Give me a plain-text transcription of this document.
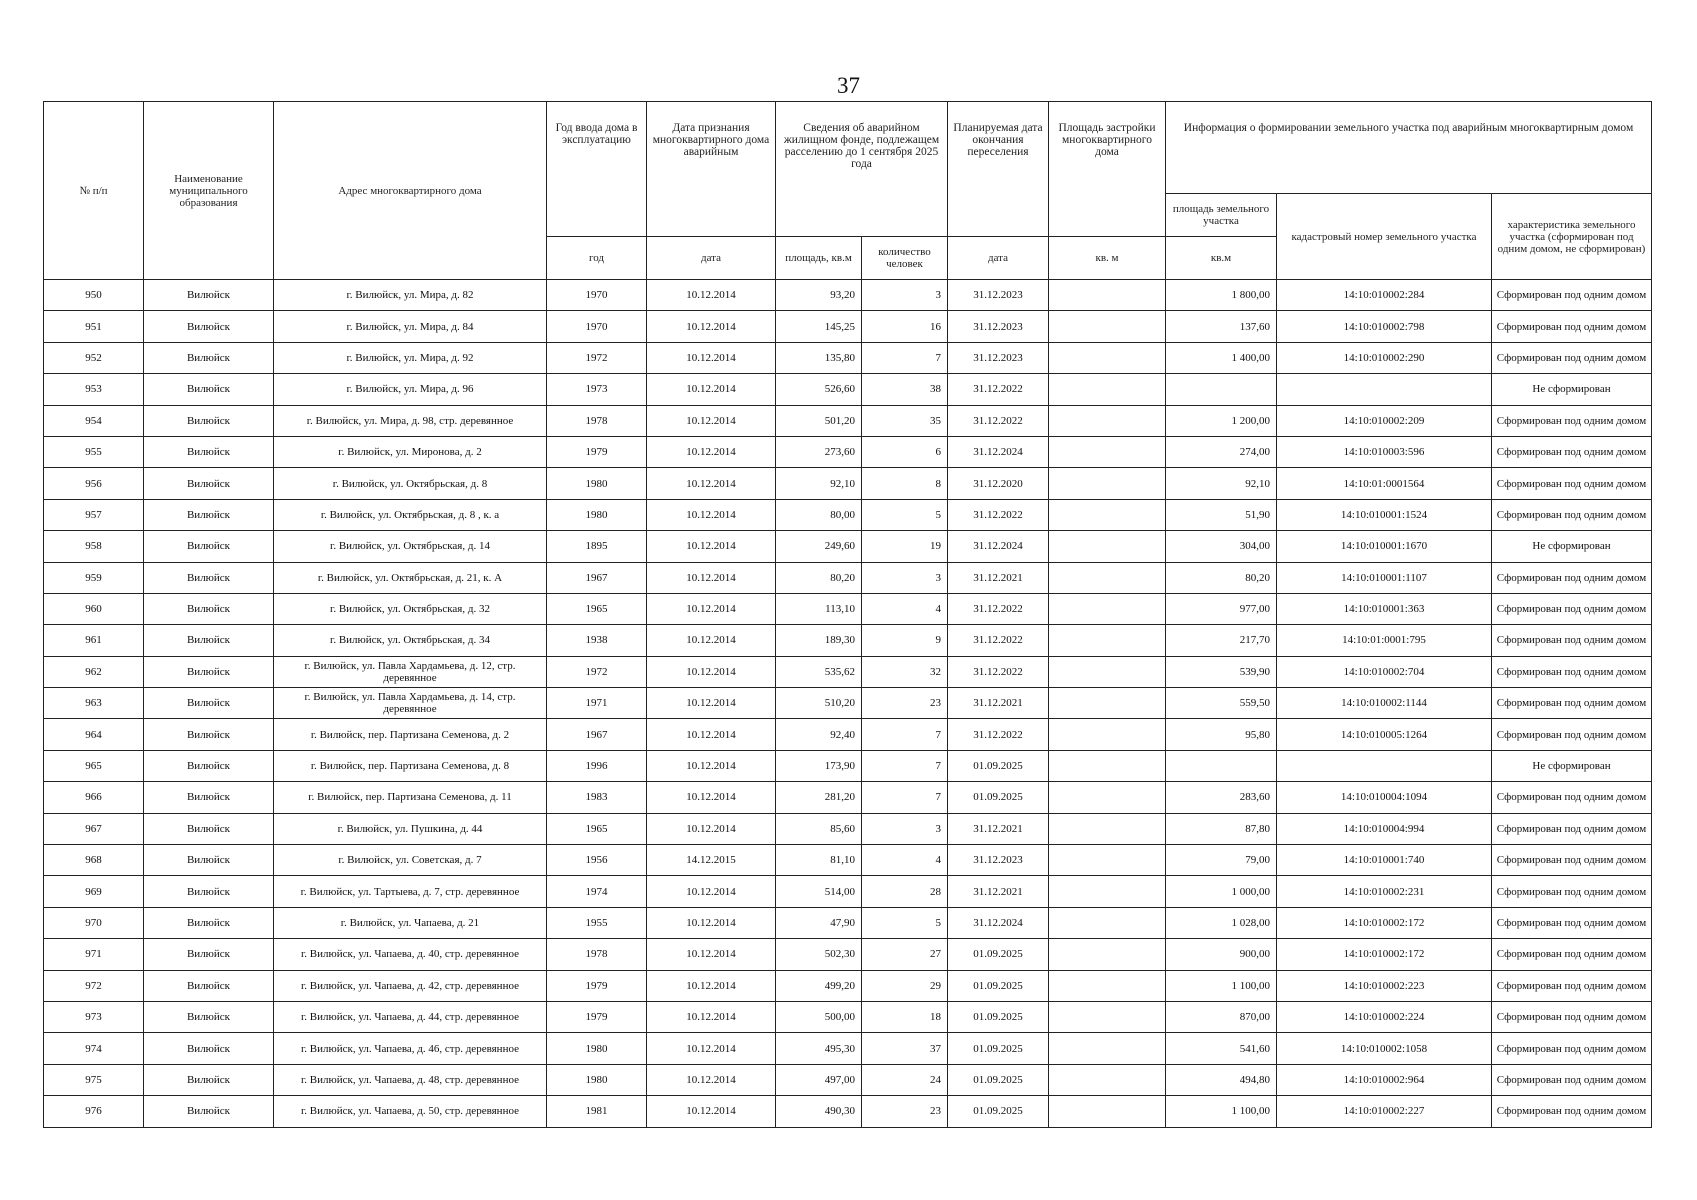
37
№ п/п	Наименование муниципального образования	Адрес многоквартирного дома	Год ввода дома в эксплуатацию	Дата признания многоквартирного дома аварийным	Сведения об аварийном жилищном фонде, подлежащем расселению до 1 сентября 2025 года		Планируемая дата окончания переселения	Площадь застройки многоквартирного дома	Информация о формировании земельного участка под аварийным многоквартирным домом		
									площадь земельного участка	кадастровый номер земельного участка	характеристика земельного участка (сформирован под одним домом, не сформирован)
			год	дата	площадь, кв.м	количество человек	дата	кв. м	кв.м		
950	Вилюйск	г. Вилюйск, ул. Мира, д. 82	1970	10.12.2014	93,20	3	31.12.2023		1 800,00	14:10:010002:284	Сформирован под одним домом
951	Вилюйск	г. Вилюйск, ул. Мира, д. 84	1970	10.12.2014	145,25	16	31.12.2023		137,60	14:10:010002:798	Сформирован под одним домом
952	Вилюйск	г. Вилюйск, ул. Мира, д. 92	1972	10.12.2014	135,80	7	31.12.2023		1 400,00	14:10:010002:290	Сформирован под одним домом
953	Вилюйск	г. Вилюйск, ул. Мира, д. 96	1973	10.12.2014	526,60	38	31.12.2022				Не сформирован
954	Вилюйск	г. Вилюйск, ул. Мира, д. 98, стр. деревянное	1978	10.12.2014	501,20	35	31.12.2022		1 200,00	14:10:010002:209	Сформирован под одним домом
955	Вилюйск	г. Вилюйск, ул. Миронова, д. 2	1979	10.12.2014	273,60	6	31.12.2024		274,00	14:10:010003:596	Сформирован под одним домом
956	Вилюйск	г. Вилюйск, ул. Октябрьская, д. 8	1980	10.12.2014	92,10	8	31.12.2020		92,10	14:10:01:0001564	Сформирован под одним домом
957	Вилюйск	г. Вилюйск, ул. Октябрьская, д. 8 , к. а	1980	10.12.2014	80,00	5	31.12.2022		51,90	14:10:010001:1524	Сформирован под одним домом
958	Вилюйск	г. Вилюйск, ул. Октябрьская, д. 14	1895	10.12.2014	249,60	19	31.12.2024		304,00	14:10:010001:1670	Не сформирован
959	Вилюйск	г. Вилюйск, ул. Октябрьская, д. 21, к. А	1967	10.12.2014	80,20	3	31.12.2021		80,20	14:10:010001:1107	Сформирован под одним домом
960	Вилюйск	г. Вилюйск, ул. Октябрьская, д. 32	1965	10.12.2014	113,10	4	31.12.2022		977,00	14:10:010001:363	Сформирован под одним домом
961	Вилюйск	г. Вилюйск, ул. Октябрьская, д. 34	1938	10.12.2014	189,30	9	31.12.2022		217,70	14:10:01:0001:795	Сформирован под одним домом
962	Вилюйск	г. Вилюйск, ул. Павла Хардамьева, д. 12, стр. деревянное	1972	10.12.2014	535,62	32	31.12.2022		539,90	14:10:010002:704	Сформирован под одним домом
963	Вилюйск	г. Вилюйск, ул. Павла Хардамьева, д. 14, стр. деревянное	1971	10.12.2014	510,20	23	31.12.2021		559,50	14:10:010002:1144	Сформирован под одним домом
964	Вилюйск	г. Вилюйск, пер. Партизана Семенова, д. 2	1967	10.12.2014	92,40	7	31.12.2022		95,80	14:10:010005:1264	Сформирован под одним домом
965	Вилюйск	г. Вилюйск, пер. Партизана Семенова, д. 8	1996	10.12.2014	173,90	7	01.09.2025				Не сформирован
966	Вилюйск	г. Вилюйск, пер. Партизана Семенова, д. 11	1983	10.12.2014	281,20	7	01.09.2025		283,60	14:10:010004:1094	Сформирован под одним домом
967	Вилюйск	г. Вилюйск, ул. Пушкина, д. 44	1965	10.12.2014	85,60	3	31.12.2021		87,80	14:10:010004:994	Сформирован под одним домом
968	Вилюйск	г. Вилюйск, ул. Советская, д. 7	1956	14.12.2015	81,10	4	31.12.2023		79,00	14:10:010001:740	Сформирован под одним домом
969	Вилюйск	г. Вилюйск, ул. Тартыева, д. 7, стр. деревянное	1974	10.12.2014	514,00	28	31.12.2021		1 000,00	14:10:010002:231	Сформирован под одним домом
970	Вилюйск	г. Вилюйск, ул. Чапаева, д. 21	1955	10.12.2014	47,90	5	31.12.2024		1 028,00	14:10:010002:172	Сформирован под одним домом
971	Вилюйск	г. Вилюйск, ул. Чапаева, д. 40, стр. деревянное	1978	10.12.2014	502,30	27	01.09.2025		900,00	14:10:010002:172	Сформирован под одним домом
972	Вилюйск	г. Вилюйск, ул. Чапаева, д. 42, стр. деревянное	1979	10.12.2014	499,20	29	01.09.2025		1 100,00	14:10:010002:223	Сформирован под одним домом
973	Вилюйск	г. Вилюйск, ул. Чапаева, д. 44, стр. деревянное	1979	10.12.2014	500,00	18	01.09.2025		870,00	14:10:010002:224	Сформирован под одним домом
974	Вилюйск	г. Вилюйск, ул. Чапаева, д. 46, стр. деревянное	1980	10.12.2014	495,30	37	01.09.2025		541,60	14:10:010002:1058	Сформирован под одним домом
975	Вилюйск	г. Вилюйск, ул. Чапаева, д. 48, стр. деревянное	1980	10.12.2014	497,00	24	01.09.2025		494,80	14:10:010002:964	Сформирован под одним домом
976	Вилюйск	г. Вилюйск, ул. Чапаева, д. 50, стр. деревянное	1981	10.12.2014	490,30	23	01.09.2025		1 100,00	14:10:010002:227	Сформирован под одним домом
